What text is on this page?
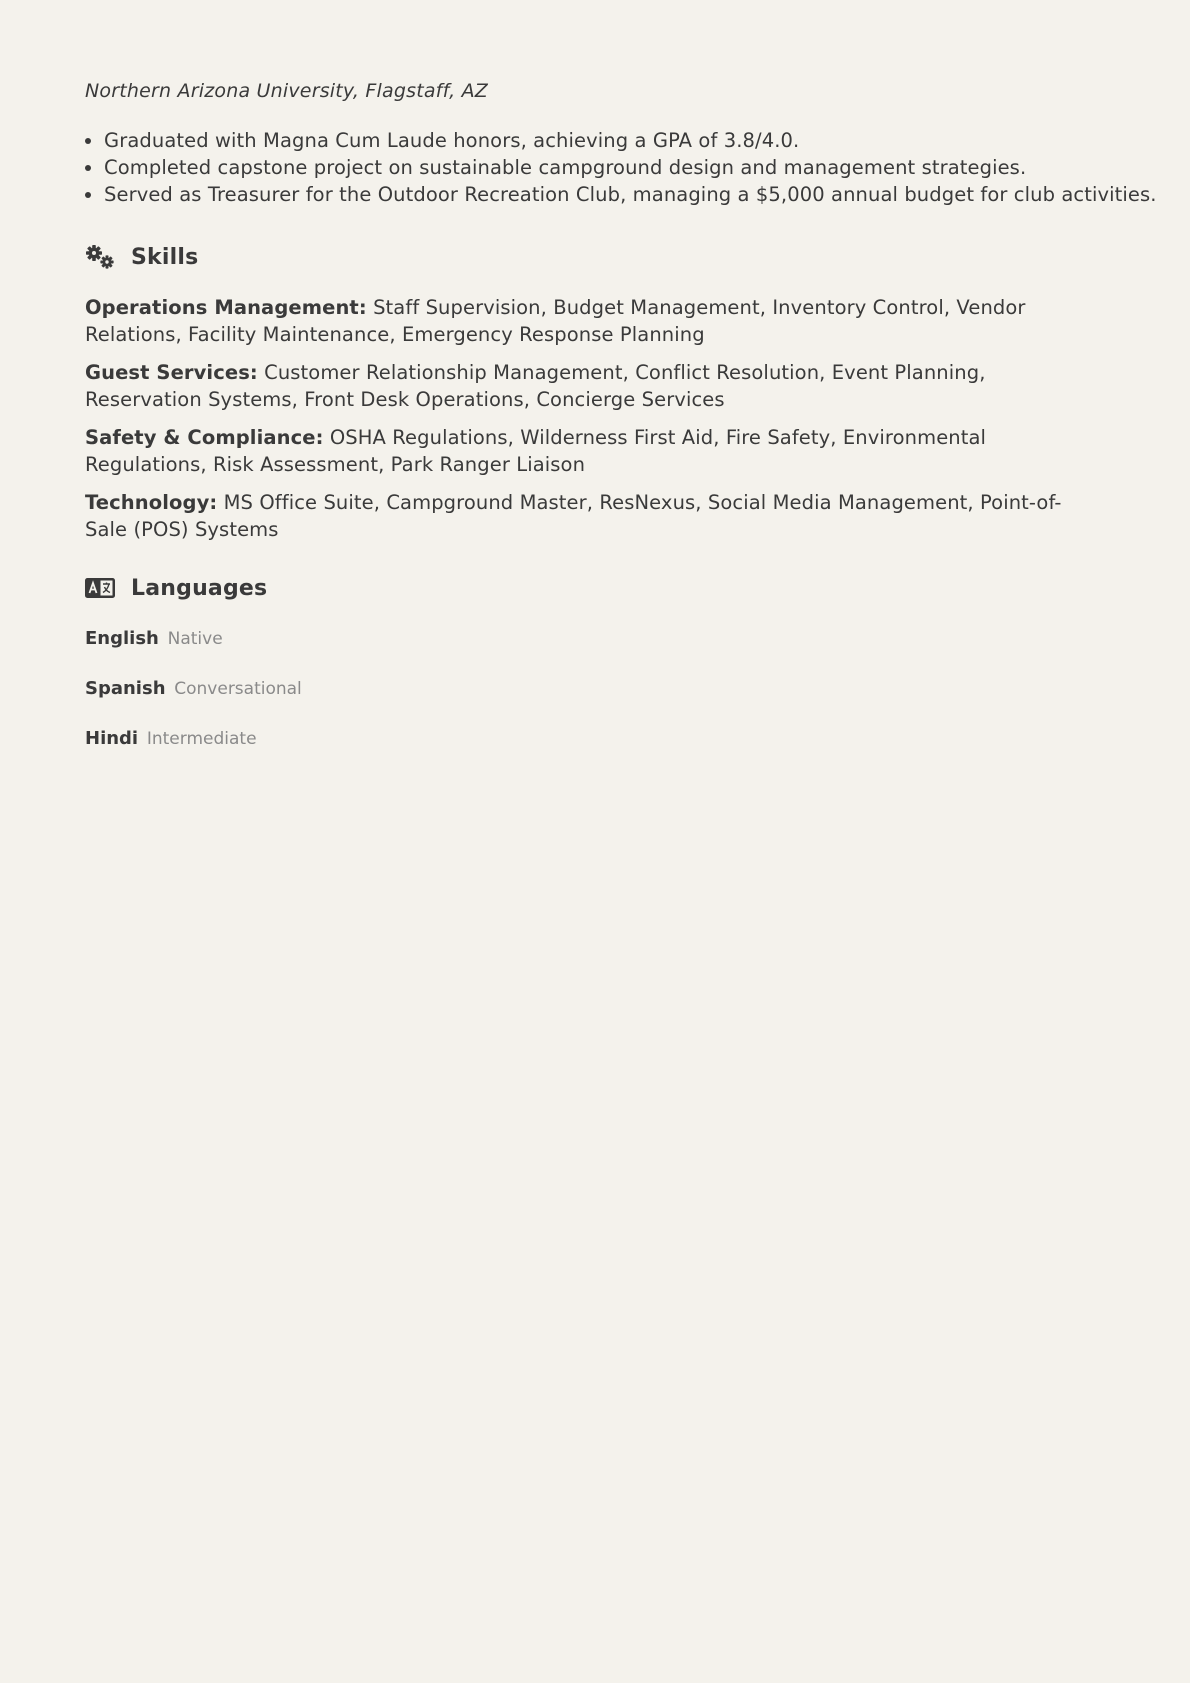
Northern Arizona University, Flagstaff, AZ
• Graduated with Magna Cum Laude honors, achieving a GPA of 3.8/4.0.
• Completed capstone project on sustainable campground design and management strategies.
• Served as Treasurer for the Outdoor Recreation Club, managing a $5,000 annual budget for club activities.
Skills
Operations Management: Staff Supervision, Budget Management, Inventory Control, Vendor Relations, Facility Maintenance, Emergency Response Planning
Guest Services: Customer Relationship Management, Conflict Resolution, Event Planning, Reservation Systems, Front Desk Operations, Concierge Services
Safety & Compliance: OSHA Regulations, Wilderness First Aid, Fire Safety, Environmental Regulations, Risk Assessment, Park Ranger Liaison
Technology: MS Office Suite, Campground Master, ResNexus, Social Media Management, Point-of-Sale (POS) Systems
Languages
English Native
Spanish Conversational
Hindi Intermediate
